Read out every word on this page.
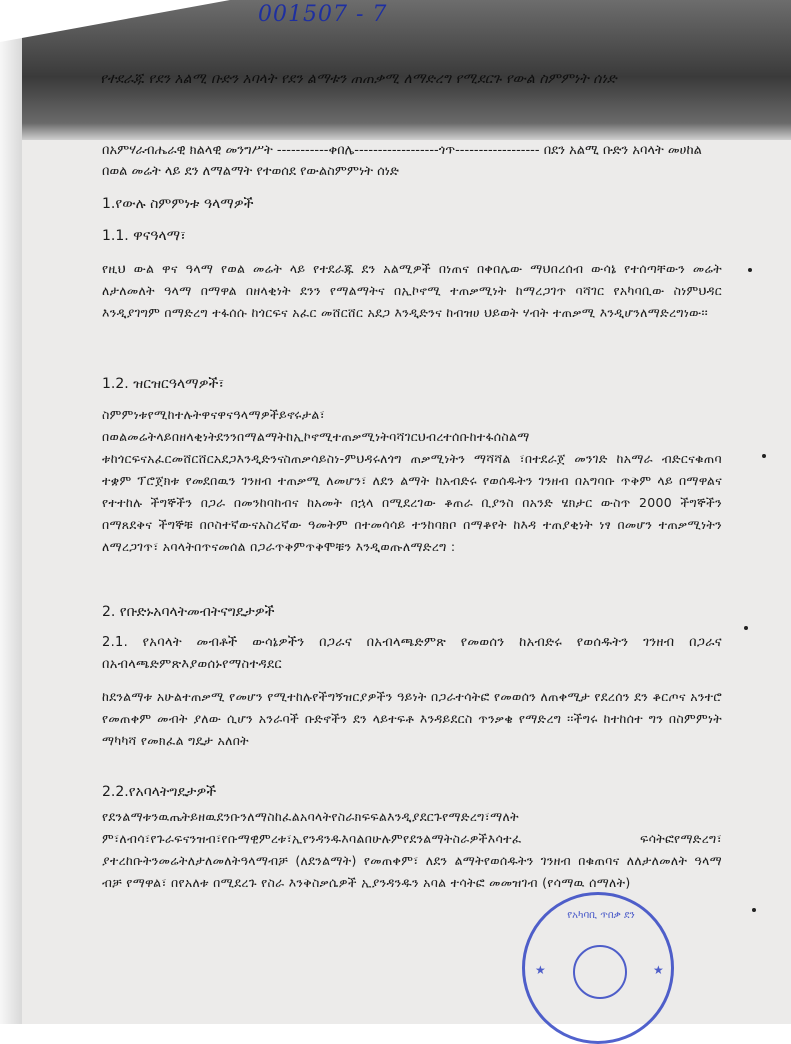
001507 - 7
የተደራጁ የደን አልሚ ቡድን አባላት የደን ልማቱን ጠጠቃሚ ለማድረግ የሚደርጉ የውል ስምምነት ሰነድ
በአምሃራብሔራዊ ክልላዊ መንግሥት -----------ቀበሌ------------------ጎጥ------------------ በደን አልሚ ቡድን አባላት መሀከል በወል መሬት ላይ ደን ለማልማት የተወሰደ የውልስምምነት ሰነድ
1.የውሉ ስምምነቱ ዓላማዎች
1.1. ዋናዓላማ፣
የዚህ ውል ዋና ዓላማ የወል መሬት ላይ የተደራጁ ደን አልሚዎች በነጠና በቀበሌው ማህበረሰብ ውሳኔ የተሰጣቸውን መሬት ለታለመለት ዓላማ በማዋል በዘላቂነት ደንን የማልማትና በኢኮኖሚ ተጠቃሚነት ከማረጋገጥ ባሻገር የአካባቢው ስነምህዳር እንዲያገግም በማድረግ ተፋሰሱ ከጎርፍና አፈር መሸርሸር አደጋ እንዲድንና ከብዝሀ ህይወት ሃብት ተጠቃሚ እንዲሆንለማድረግነው፡፡
1.2. ዝርዝርዓላማዎች፣
ስምምነቱየሚከተሉትዋናዋናዓላማዎችይኖሩታል፣ በወልመሬትላይበዘላቂነትደንንበማልማትከኢኮኖሚተጠቃሚነትባሻገርህብረተሰቡከተፋሰስልማ ቱከጎርፍናአፈርመሸርሸርአደጋእንዲድንናስጠቃሳይስነ-ምህዳሩለጎግ ጠቃሚነትን ማሻሻል ፣በተደራጀ መንገድ ከአማራ ብድርናቁጠባ ተቋም ፕሮጀክቱ የመደበዉን ገንዘብ ተጠቃሚ ለመሆን፣ ለደን ልማት ከአብድሩ የወሰዱትን ገንዘብ በአግባቡ ጥቅም ላይ በማዋልና የተተከሉ ችግኞችን በጋራ በመንከባከብና ከአመት በኋላ በሚደረገው ቆጠራ ቢያንስ በአንድ ሄክታር ውስጥ 2000 ችግኞችን በማጸደቅና ችግኞቹ በቦስተኛውናአስረኛው ዓመትም በተመሳሳይ ተንከባክቦ በማቆየት ከእዳ ተጠያቂነት ነፃ በመሆን ተጠቃሚነትን ለማረጋገጥ፣ አባላትበጥናመሰል በጋራጥቅምጥቅሞቹን እንዲወጡለማድረግ :
2. የቡድኑአባላትመብትናግዴታዎች
2.1. የአባላት መብቶች ውሳኔዎችን በጋራና በአብላጫድምጽ የመወሰን ከአብድሩ የወሰዱትን ገንዘብ በጋራና በአብላጫድምጽእያወሰኑየማስተዳደር
ከደንልማቱ አሁልተጠቃሚ የመሆን የሚተከሉየችግኝዝርያዎችን ዓይነት በጋራተሳትፎ የመወሰን ለጠቀሚታ የደረሰን ደን ቆርጦና አንተሮ የመጠቀም መብት ያለው ሲሆን አንራባች ቡድኖችን ደን ላይተፍቶ እንዳይደርስ ጥንቃቄ የማድረግ ፡፡ችግሩ ከተከሰተ ግን በስምምነት ማካካሻ የመክፈል ግዴታ አለበት
2.2.የአባላትግዴታዎች
የደንልማቱንዉጤትይዘዉደንቡንለማስከፈልአባላትየስራክፍፍልእንዲያደርጉየማድረግ፣ማለት ም፣ለብሳ፣የጉራፍናንዝብ፣የቡማዊምረቱ፣ኢየንዳንዱእባልበሁሉምየደንልማትስራዎችእሳተፈ ፍሳትፎየማድረግ፣ ያተረከቡትንመሬትለታለመለትዓላማብቻ (ለደንልማት) የመጠቀም፣ ለደን ልማትየወሰዱትን ገንዘብ በቁጠባና ለለታለመለት ዓላማ ብቻ የማዋል፣ በየአለቱ በሚደረጉ የስራ እንቅስቃሴዎች ኢያንዳንዱን አባል ተሳትፎ መመዝገብ (የሳማዉ ሰማለት)
የአካባቢ ጥበቃ ደን
★	★
